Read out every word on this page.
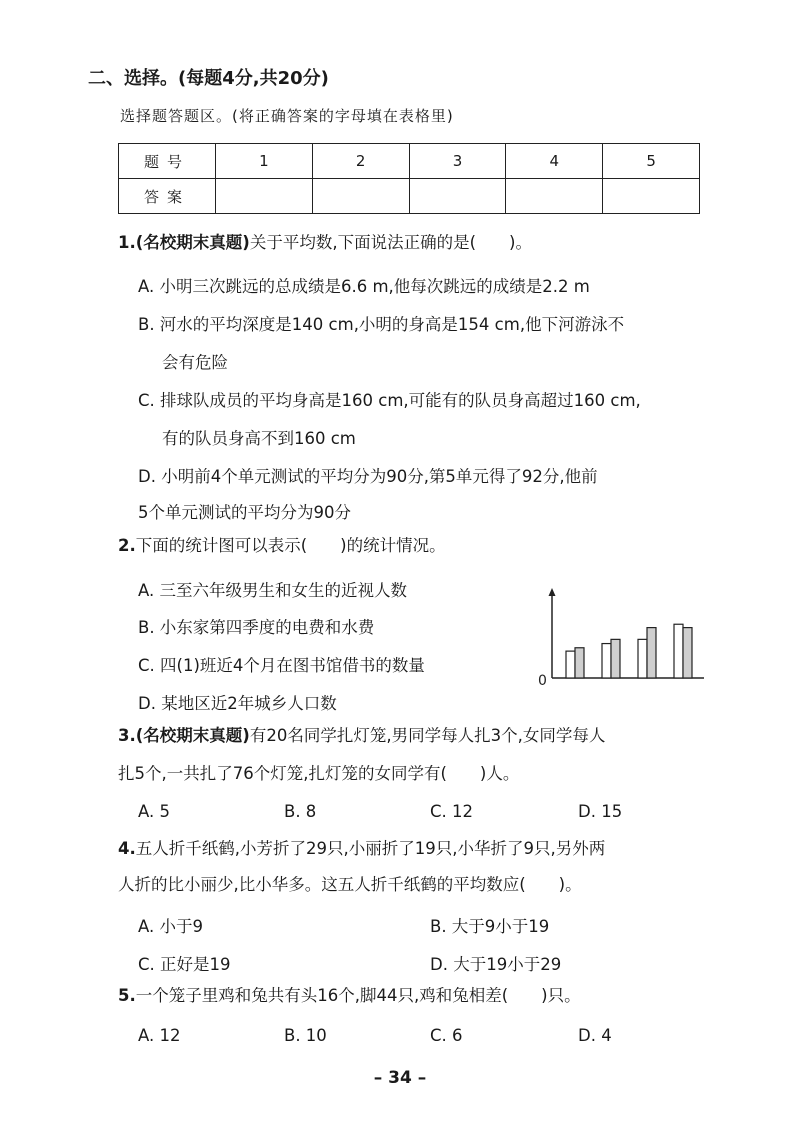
二、选择。(每题4分,共20分)
选择题答题区。(将正确答案的字母填在表格里)
题号	1	2	3	4	5
答案					
1.(名校期末真题)关于平均数,下面说法正确的是(　　)。
A. 小明三次跳远的总成绩是6.6 m,他每次跳远的成绩是2.2 m
B. 河水的平均深度是140 cm,小明的身高是154 cm,他下河游泳不
会有危险
C. 排球队成员的平均身高是160 cm,可能有的队员身高超过160 cm,
有的队员身高不到160 cm
D. 小明前4个单元测试的平均分为90分,第5单元得了92分,他前
5个单元测试的平均分为90分
2.下面的统计图可以表示(　　)的统计情况。
A. 三至六年级男生和女生的近视人数
B. 小东家第四季度的电费和水费
C. 四(1)班近4个月在图书馆借书的数量
D. 某地区近2年城乡人口数
0
3.(名校期末真题)有20名同学扎灯笼,男同学每人扎3个,女同学每人
扎5个,一共扎了76个灯笼,扎灯笼的女同学有(　　)人。
A. 5	B. 8	C. 12	D. 15
4.五人折千纸鹤,小芳折了29只,小丽折了19只,小华折了9只,另外两
人折的比小丽少,比小华多。这五人折千纸鹤的平均数应(　　)。
A. 小于9	B. 大于9小于19
C. 正好是19	D. 大于19小于29
5.一个笼子里鸡和兔共有头16个,脚44只,鸡和兔相差(　　)只。
A. 12	B. 10	C. 6	D. 4
– 34 –
